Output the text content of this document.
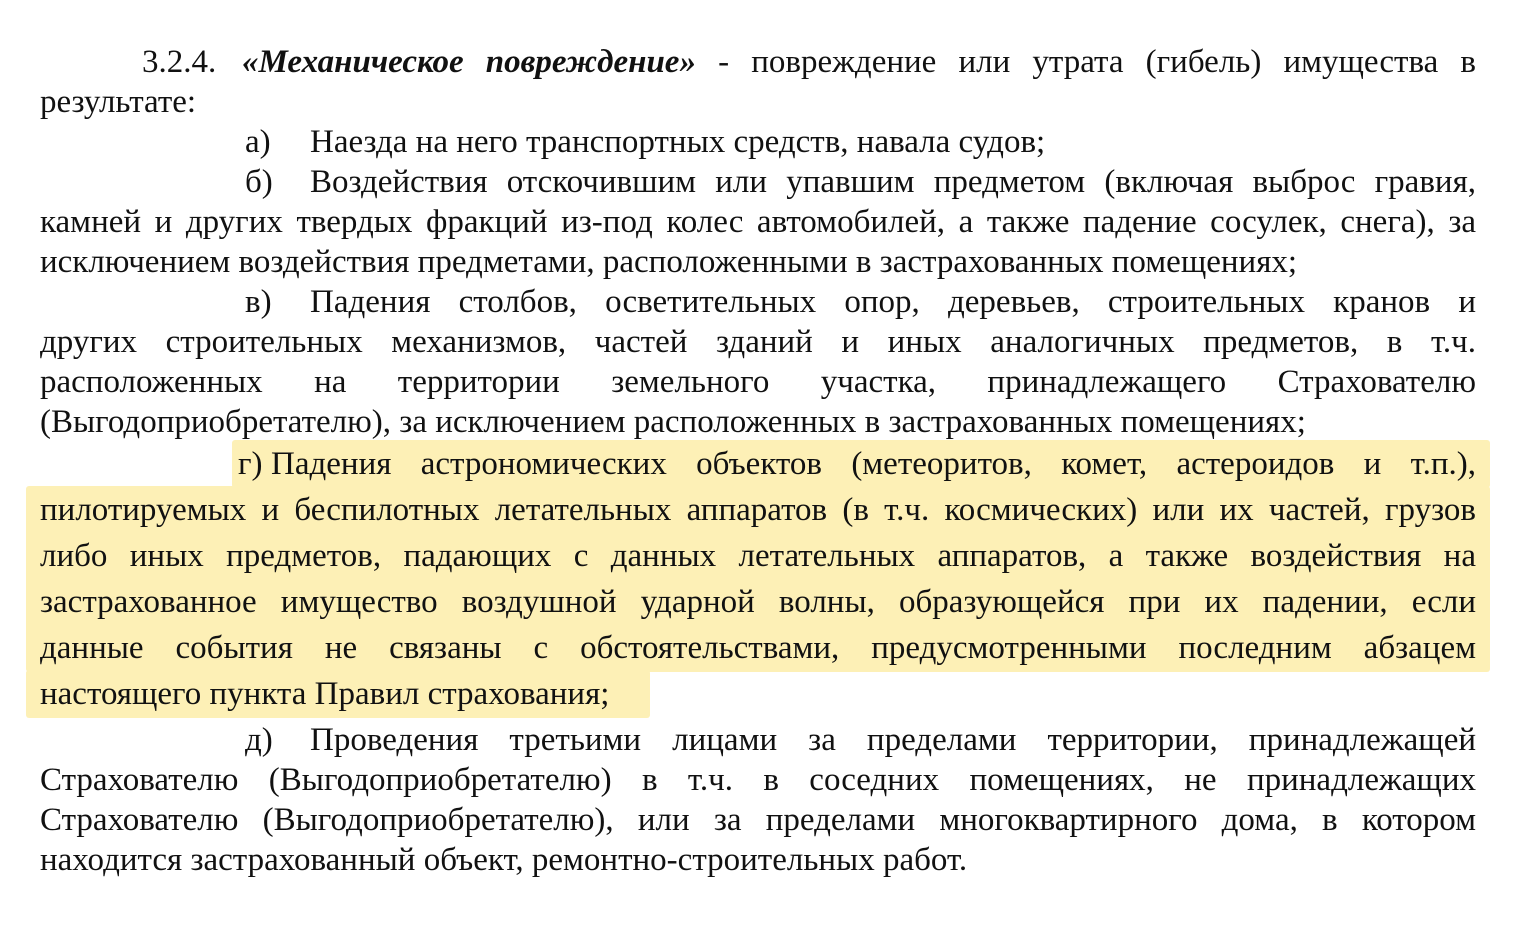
3.2.4. «Механическое повреждение» - повреждение или утрата (гибель) имущества в

результате:

а) Наезда на него транспортных средств, навала судов;

б) Воздействия отскочившим или упавшим предметом (включая выброс гравия,

камней и других твердых фракций из-под колес автомобилей, а также падение сосулек, снега), за

исключением воздействия предметами, расположенными в застрахованных помещениях;

в) Падения столбов, осветительных опор, деревьев, строительных кранов и

других строительных механизмов, частей зданий и иных аналогичных предметов, в т.ч.

расположенных на территории земельного участка, принадлежащего Страхователю

(Выгодоприобретателю), за исключением расположенных в застрахованных помещениях;

г) Падения астрономических объектов (метеоритов, комет, астероидов и т.п.),

пилотируемых и беспилотных летательных аппаратов (в т.ч. космических) или их частей, грузов

либо иных предметов, падающих с данных летательных аппаратов, а также воздействия на

застрахованное имущество воздушной ударной волны, образующейся при их падении, если

данные события не связаны с обстоятельствами, предусмотренными последним абзацем

настоящего пункта Правил страхования;

д) Проведения третьими лицами за пределами территории, принадлежащей

Страхователю (Выгодоприобретателю) в т.ч. в соседних помещениях, не принадлежащих

Страхователю (Выгодоприобретателю), или за пределами многоквартирного дома, в котором

находится застрахованный объект, ремонтно-строительных работ.
